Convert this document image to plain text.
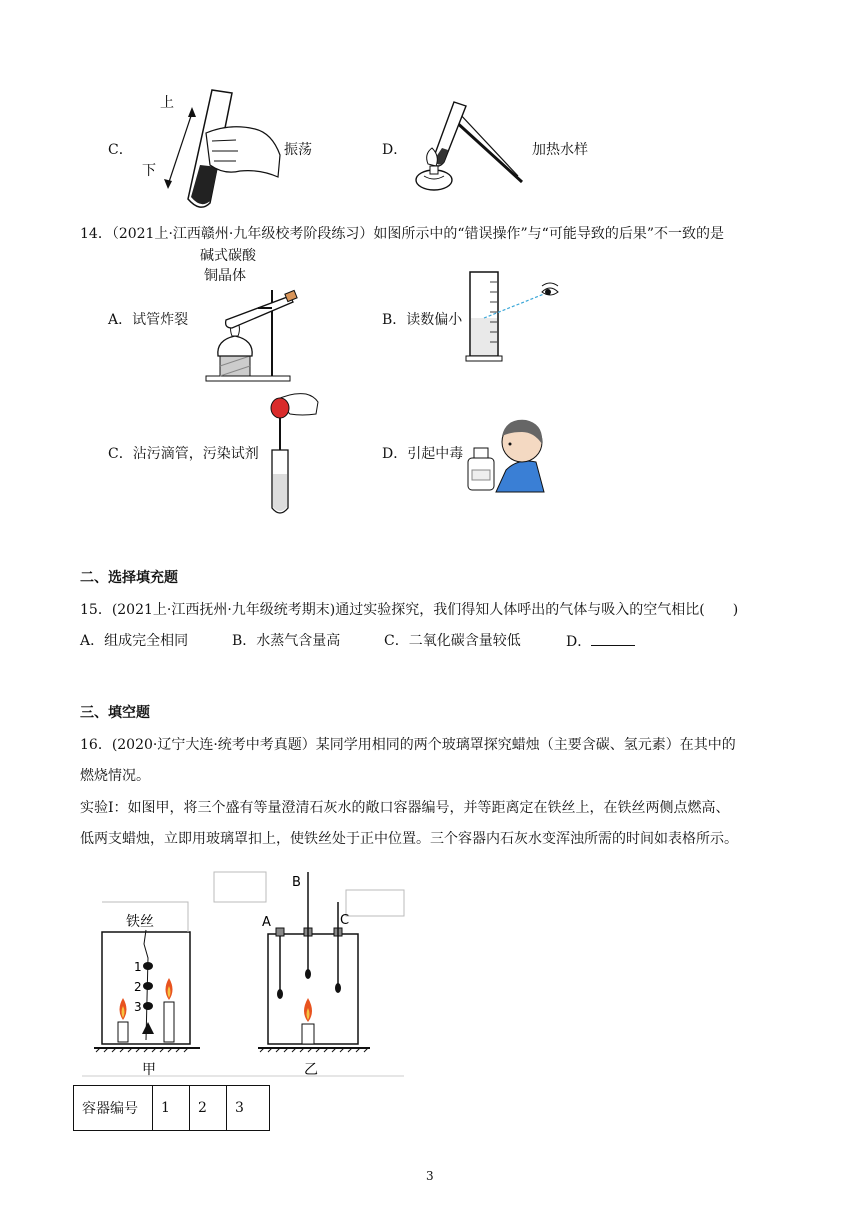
C．
上
下
振荡	D．	加热水样
14．（2021上·江西赣州·九年级校考阶段练习）如图所示中的“错误操作”与“可能导致的后果”不一致的是
碱式碳酸
铜晶体
A．试管炸裂	B．读数偏小
C．沾污滴管，污染试剂	D．引起中毒
二、选择填充题
15．(2021上·江西抚州·九年级统考期末)通过实验探究，我们得知人体呼出的气体与吸入的空气相比(　　)
A．组成完全相同	B．水蒸气含量高	C．二氧化碳含量较低	D．
三、填空题
16．(2020·辽宁大连·统考中考真题）某同学用相同的两个玻璃罩探究蜡烛（主要含碳、氢元素）在其中的
燃烧情况。
实验Ⅰ：如图甲，将三个盛有等量澄清石灰水的敞口容器编号，并等距离定在铁丝上，在铁丝两侧点燃高、
低两支蜡烛，立即用玻璃罩扣上，使铁丝处于正中位置。三个容器内石灰水变浑浊所需的时间如表格所示。
铁丝
1
2
3
甲
B
A	C
乙
容器编号	1	2	3
3
